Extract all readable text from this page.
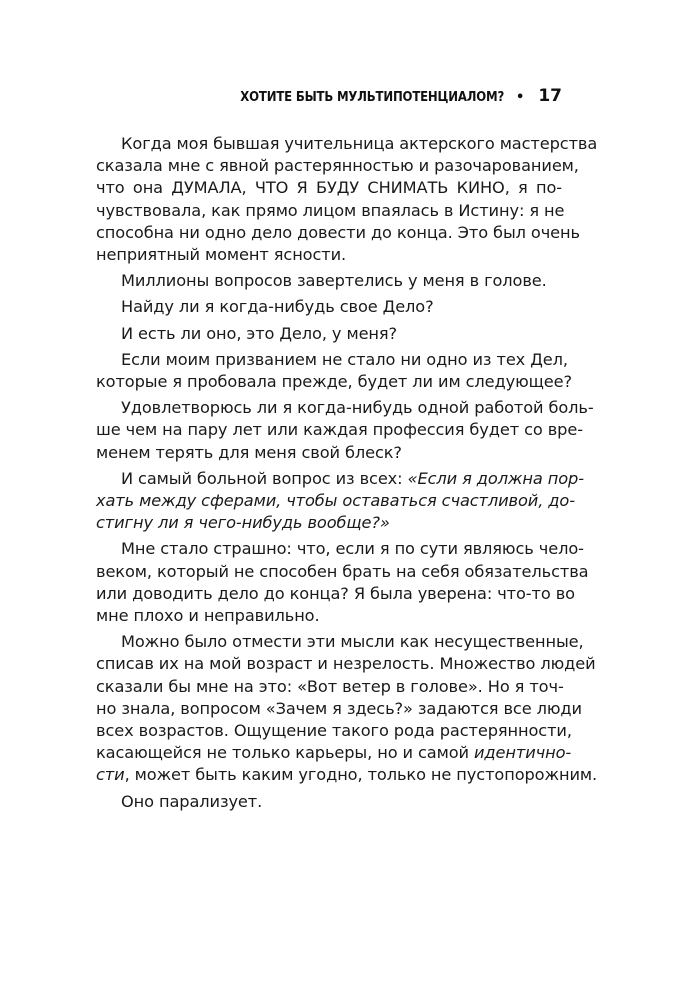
ХОТИТЕ БЫТЬ МУЛЬТИПОТЕНЦИАЛОМ? • 17

Когда моя бывшая учительница актерского мастерства
сказала мне с явной растерянностью и разочарованием,
что она ДУМАЛА, ЧТО Я БУДУ СНИМАТЬ КИНО, я по-
чувствовала, как прямо лицом впаялась в Истину: я не
способна ни одно дело довести до конца. Это был очень
неприятный момент ясности.

Миллионы вопросов завертелись у меня в голове.

Найду ли я когда-нибудь свое Дело?

И есть ли оно, это Дело, у меня?

Если моим призванием не стало ни одно из тех Дел,
которые я пробовала прежде, будет ли им следующее?

Удовлетворюсь ли я когда-нибудь одной работой боль-
ше чем на пару лет или каждая профессия будет со вре-
менем терять для меня свой блеск?

И самый больной вопрос из всех: «Если я должна пор-
хать между сферами, чтобы оставаться счастливой, до-
стигну ли я чего-нибудь вообще?»

Мне стало страшно: что, если я по сути являюсь чело-
веком, который не способен брать на себя обязательства
или доводить дело до конца? Я была уверена: что-то во
мне плохо и неправильно.

Можно было отмести эти мысли как несущественные,
списав их на мой возраст и незрелость. Множество людей
сказали бы мне на это: «Вот ветер в голове». Но я точ-
но знала, вопросом «Зачем я здесь?» задаются все люди
всех возрастов. Ощущение такого рода растерянности,
касающейся не только карьеры, но и самой идентичнo-
сти, может быть каким угодно, только не пустопорожним.

Оно парализует.
